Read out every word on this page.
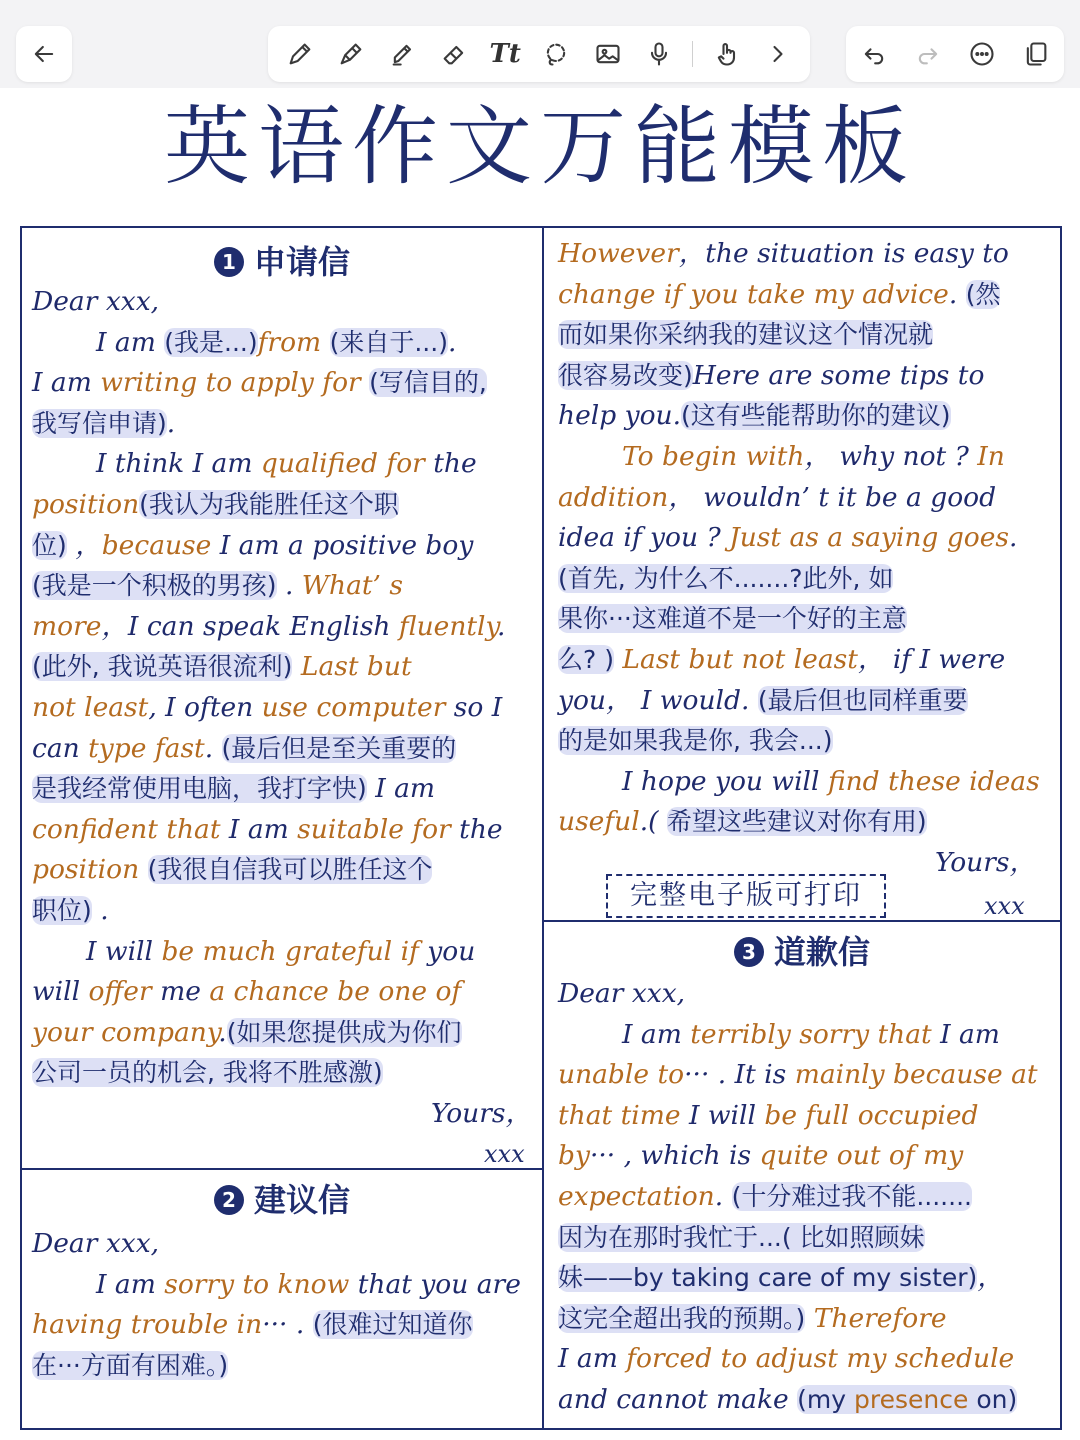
Tt
英语作文万能模板
1 申请信
Dear xxx,
I am (我是...)from (来自于...).
I am writing to apply for (写信目的,
我写信申请).
I think I am qualified for the
position(我认为我能胜任这个职
位) ，because I am a positive boy
(我是一个积极的男孩) . What’ s
more，I can speak English fluently.
(此外, 我说英语很流利) Last but
not least, I often use computer so I
can type fast. (最后但是至关重要的
是我经常使用电脑，我打字快) I am
confident that I am suitable for the
position (我很自信我可以胜任这个
职位) .
I will be much grateful if you
will offer me a chance be one of
your company.(如果您提供成为你们
公司一员的机会, 我将不胜感激)
Yours，
xxx
2 建议信
Dear xxx,
I am sorry to know that you are
having trouble in··· . (很难过知道你
在···方面有困难。)
However，the situation is easy to
change if you take my advice. (然
而如果你采纳我的建议这个情况就
很容易改变)Here are some tips to
help you.(这有些能帮助你的建议)
To begin with， why not ? In
addition， wouldn’ t it be a good
idea if you ? Just as a saying goes.
(首先, 为什么不.......?此外, 如
果你···这难道不是一个好的主意
么? ) Last but not least， if I were
you， I would. (最后但也同样重要
的是如果我是你, 我会...)
I hope you will find these ideas
useful.( 希望这些建议对你有用)
Yours，
完整电子版可打印	xxx
3 道歉信
Dear xxx,
I am terribly sorry that I am
unable to··· . It is mainly because at
that time I will be full occupied
by··· , which is quite out of my
expectation. (十分难过我不能.......
因为在那时我忙于...( 比如照顾妹
妹——by taking care of my sister)，
这完全超出我的预期。) Therefore
I am forced to adjust my schedule
and cannot make (my presence on)
